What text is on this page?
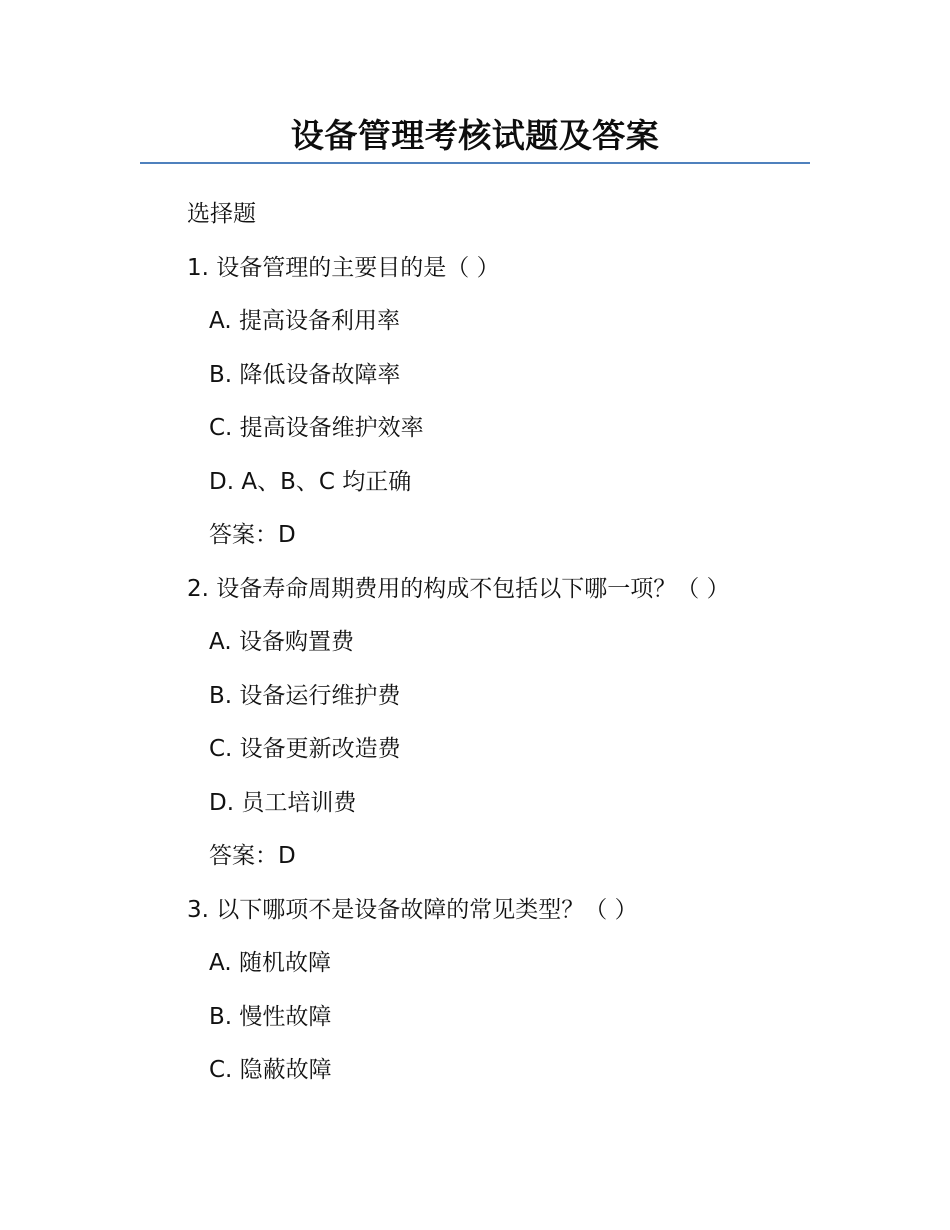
设备管理考核试题及答案
选择题
1. 设备管理的主要目的是（ ）
A. 提高设备利用率
B. 降低设备故障率
C. 提高设备维护效率
D. A、B、C 均正确
答案：D
2. 设备寿命周期费用的构成不包括以下哪一项？（ ）
A. 设备购置费
B. 设备运行维护费
C. 设备更新改造费
D. 员工培训费
答案：D
3. 以下哪项不是设备故障的常见类型？（ ）
A. 随机故障
B. 慢性故障
C. 隐蔽故障
